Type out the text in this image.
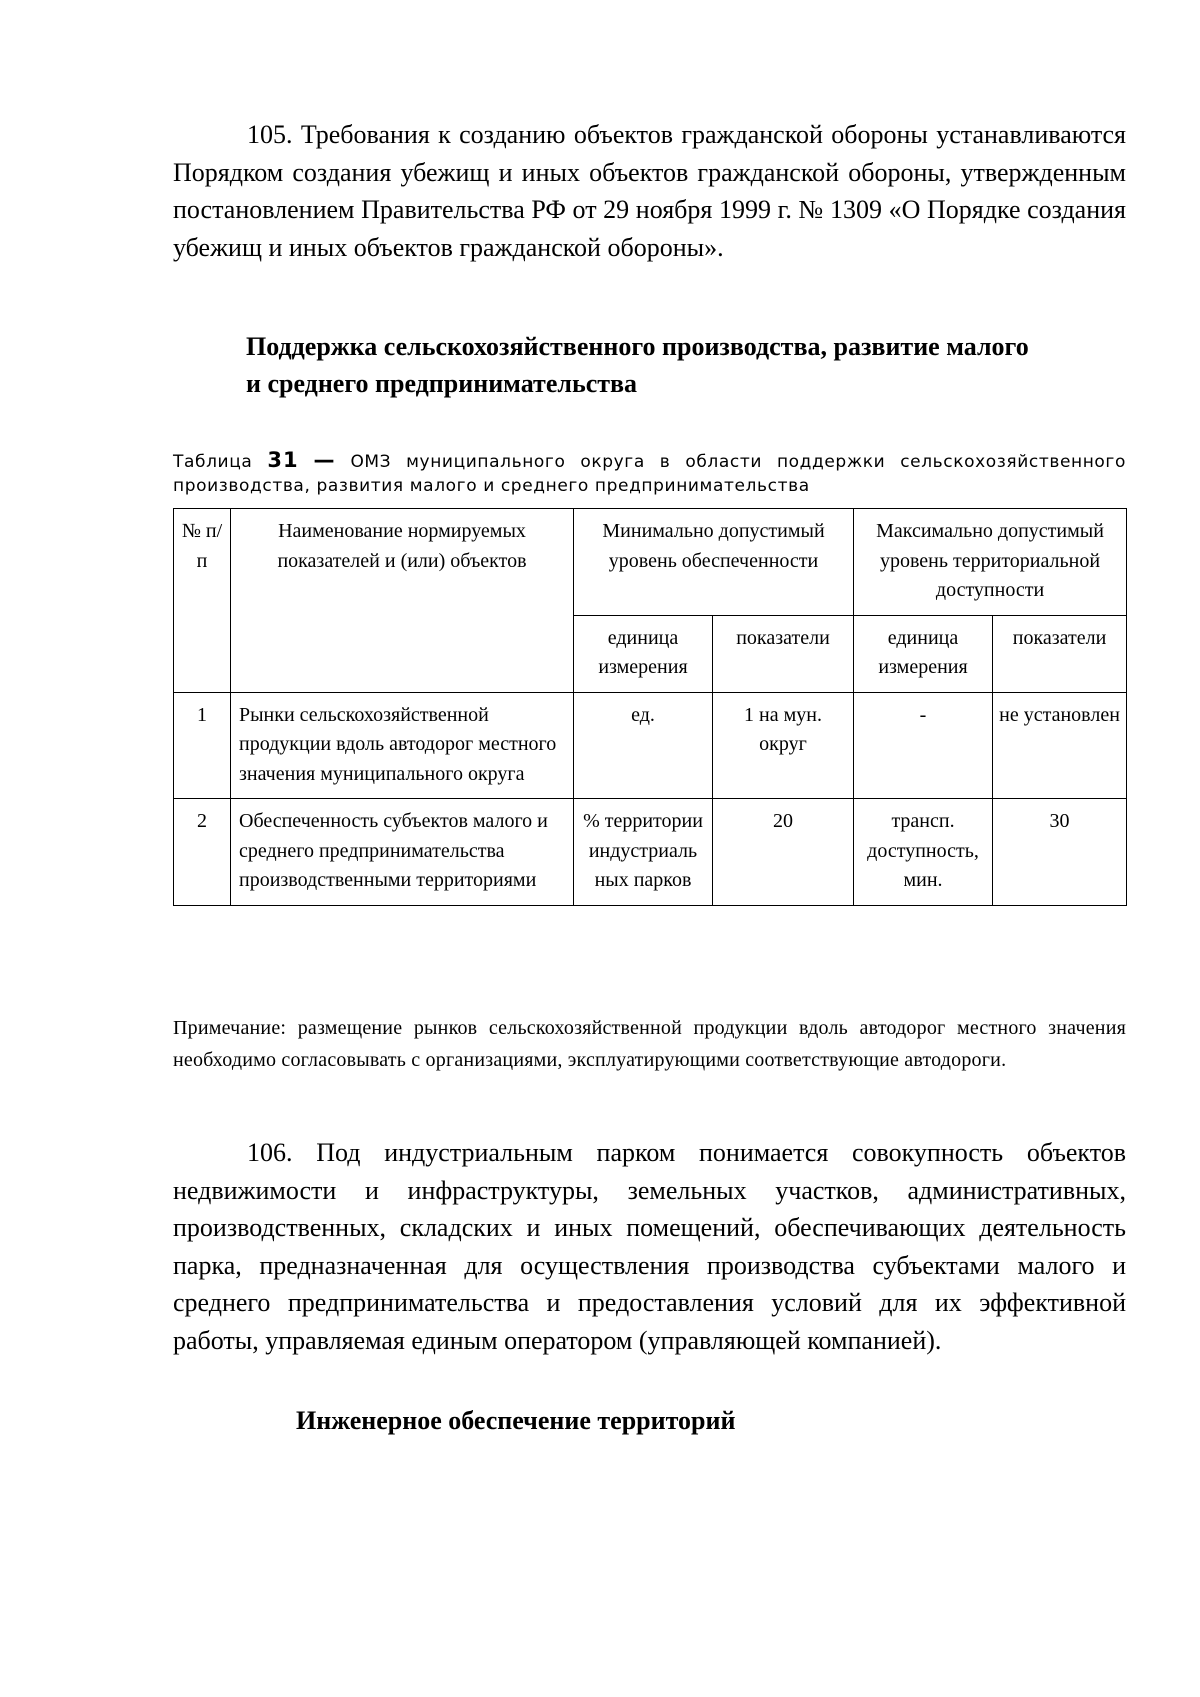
105. Требования к созданию объектов гражданской обороны устанавливаются Порядком создания убежищ и иных объектов гражданской обороны, утвержденным постановлением Правительства РФ от 29 ноября 1999 г. № 1309 «О Порядке создания убежищ и иных объектов гражданской обороны».

Поддержка сельскохозяйственного производства, развитие малого
и среднего предпринимательства

Таблица 31 — ОМЗ муниципального округа в области поддержки сельскохозяйственного производства, развития малого и среднего предпринимательства

№ п/п	Наименование нормируемых показателей и (или) объектов	Минимально допустимый уровень обеспеченности		Максимально допустимый уровень территориальной доступности	
		единица измерения	показатели	единица измерения	показатели
1	Рынки сельскохозяйственной продукции вдоль автодорог местного значения муниципального округа	ед.	1 на мун. округ	-	не установлен
2	Обеспеченность субъектов малого и среднего предпринимательства производственными территориями	% территории индустриаль ных парков	20	трансп. доступность, мин.	30

Примечание: размещение рынков сельскохозяйственной продукции вдоль автодорог местного значения необходимо согласовывать с организациями, эксплуатирующими соответствующие автодороги.

106. Под индустриальным парком понимается совокупность объектов недвижимости и инфраструктуры, земельных участков, административных, производственных, складских и иных помещений, обеспечивающих деятельность парка, предназначенная для осуществления производства субъектами малого и среднего предпринимательства и предоставления условий для их эффективной работы, управляемая единым оператором (управляющей компанией).

Инженерное обеспечение территорий
